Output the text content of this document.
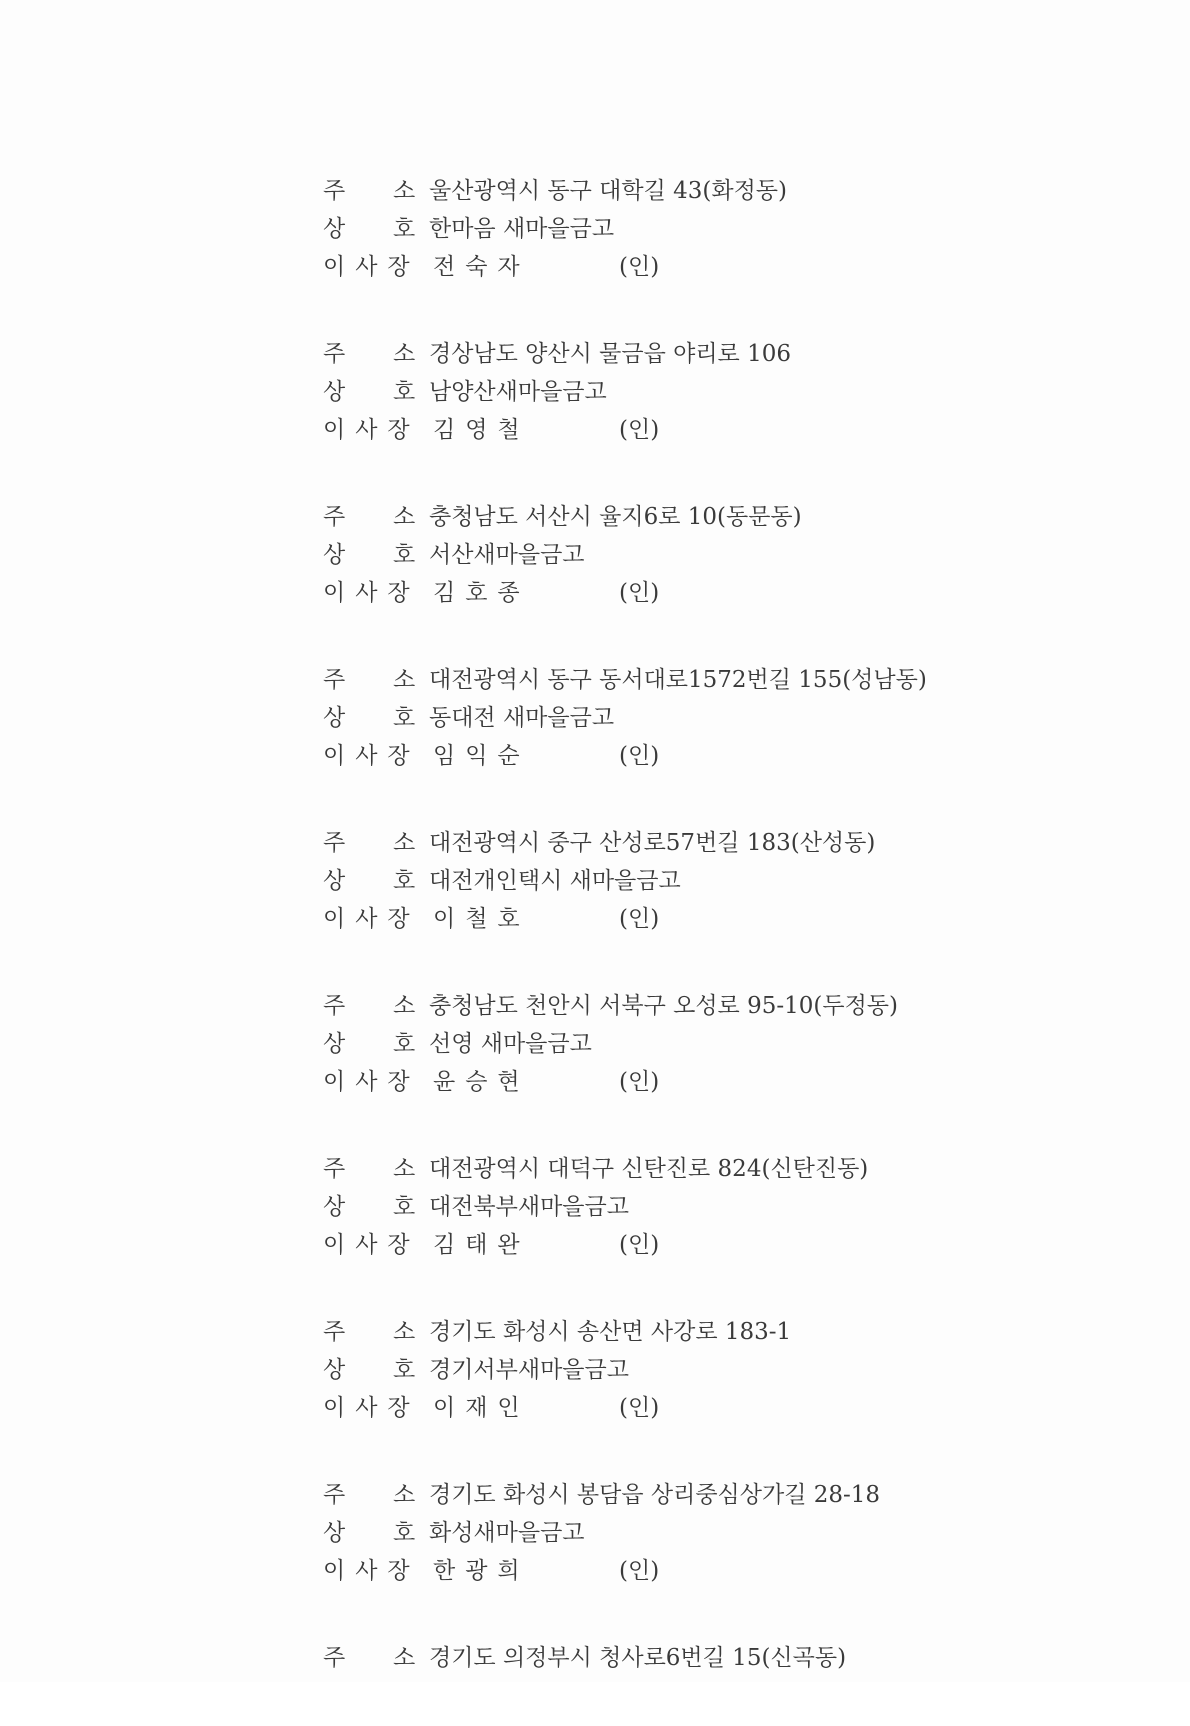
주 소 울산광역시 동구 대학길 43(화정동)
상 호 한마음 새마을금고
이사장 전숙자	(인)
주 소 경상남도 양산시 물금읍 야리로 106
상 호 남양산새마을금고
이사장 김영철	(인)
주 소 충청남도 서산시 율지6로 10(동문동)
상 호 서산새마을금고
이사장 김호종	(인)
주 소 대전광역시 동구 동서대로1572번길 155(성남동)
상 호 동대전 새마을금고
이사장 임익순	(인)
주 소 대전광역시 중구 산성로57번길 183(산성동)
상 호 대전개인택시 새마을금고
이사장 이철호	(인)
주 소 충청남도 천안시 서북구 오성로 95-10(두정동)
상 호 선영 새마을금고
이사장 윤승현	(인)
주 소 대전광역시 대덕구 신탄진로 824(신탄진동)
상 호 대전북부새마을금고
이사장 김태완	(인)
주 소 경기도 화성시 송산면 사강로 183-1
상 호 경기서부새마을금고
이사장 이재인	(인)
주 소 경기도 화성시 봉담읍 상리중심상가길 28-18
상 호 화성새마을금고
이사장 한광희	(인)
주 소 경기도 의정부시 청사로6번길 15(신곡동)
